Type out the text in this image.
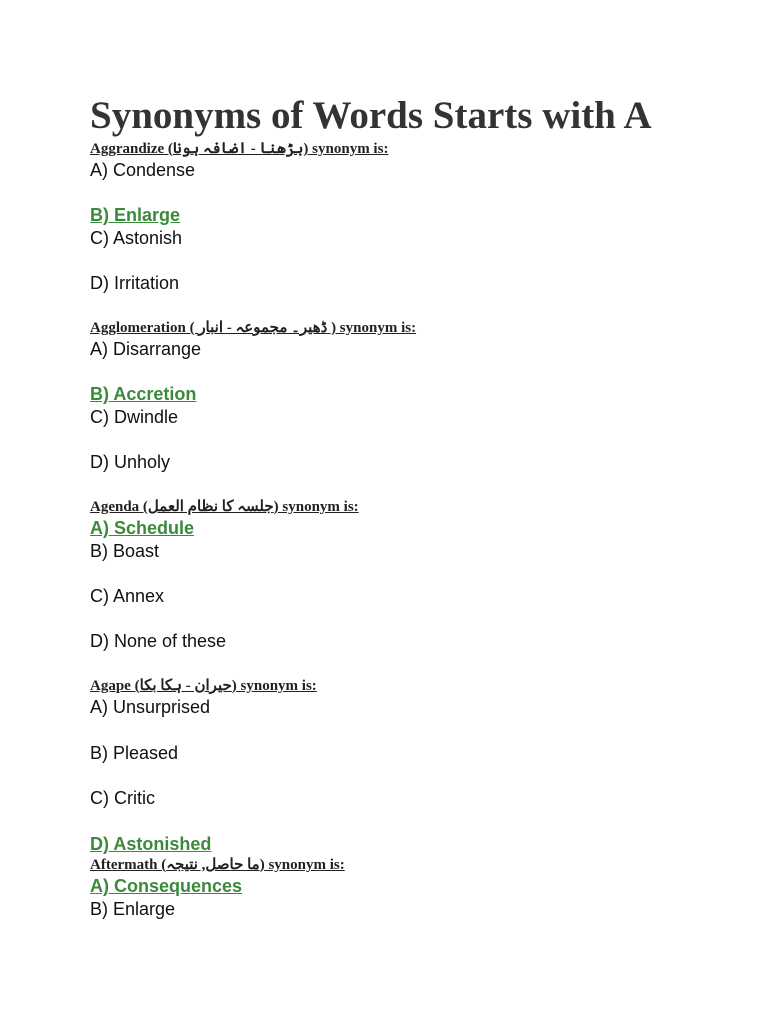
Synonyms of Words Starts with A
Aggrandize (بڑھنا - اضافہ ہونا) synonym is:
A) Condense
B) Enlarge
C) Astonish
D) Irritation
Agglomeration ( ڈھیر۔ مجموعہ - انبار ) synonym is:
A) Disarrange
B) Accretion
C) Dwindle
D) Unholy
Agenda (جلسہ کا نظام العمل) synonym is:
A) Schedule
B) Boast
C) Annex
D) None of these
Agape (حیران - ہکا بکا) synonym is:
A) Unsurprised
B) Pleased
C) Critic
D) Astonished
Aftermath (ما حاصل, نتیجہ) synonym is:
A) Consequences
B) Enlarge
